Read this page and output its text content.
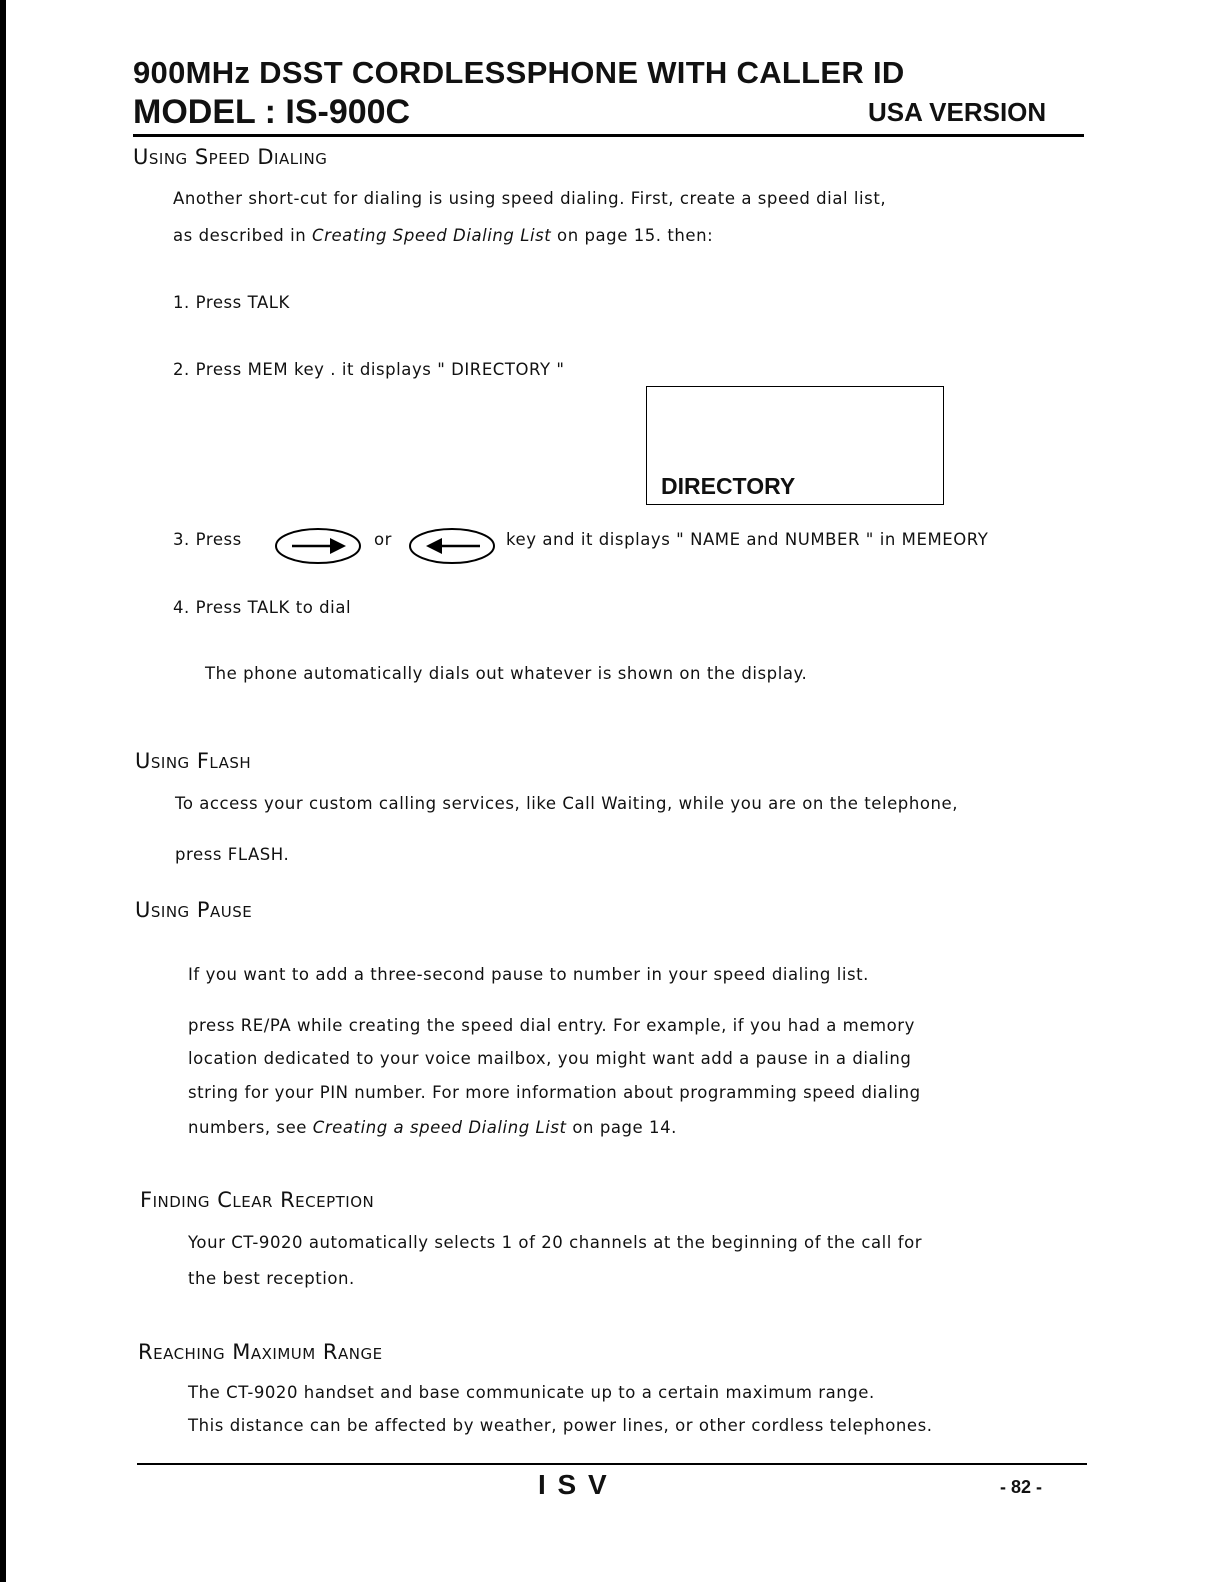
900MHz DSST CORDLESSPHONE WITH CALLER ID
MODEL : IS-900C	USA VERSION
Using Speed Dialing
Another short-cut for dialing is using speed dialing. First, create a speed dial list,
as described in Creating Speed Dialing List on page 15. then:
1. Press TALK
2. Press MEM key . it displays " DIRECTORY "
DIRECTORY
3. Press	or	key and it displays " NAME and NUMBER " in MEMEORY
4. Press TALK to dial
The phone automatically dials out whatever is shown on the display.
Using Flash
To access your custom calling services, like Call Waiting, while you are on the telephone,
press FLASH.
Using Pause
If you want to add a three-second pause to number in your speed dialing list.
press RE/PA while creating the speed dial entry. For example, if you had a memory
location dedicated to your voice mailbox, you might want add a pause in a dialing
string for your PIN number. For more information about programming speed dialing
numbers, see Creating a speed Dialing List on page 14.
Finding Clear Reception
Your CT-9020 automatically selects 1 of 20 channels at the beginning of the call for
the best reception.
Reaching Maximum Range
The CT-9020 handset and base communicate up to a certain maximum range.
This distance can be affected by weather, power lines, or other cordless telephones.
I S V	- 82 -
